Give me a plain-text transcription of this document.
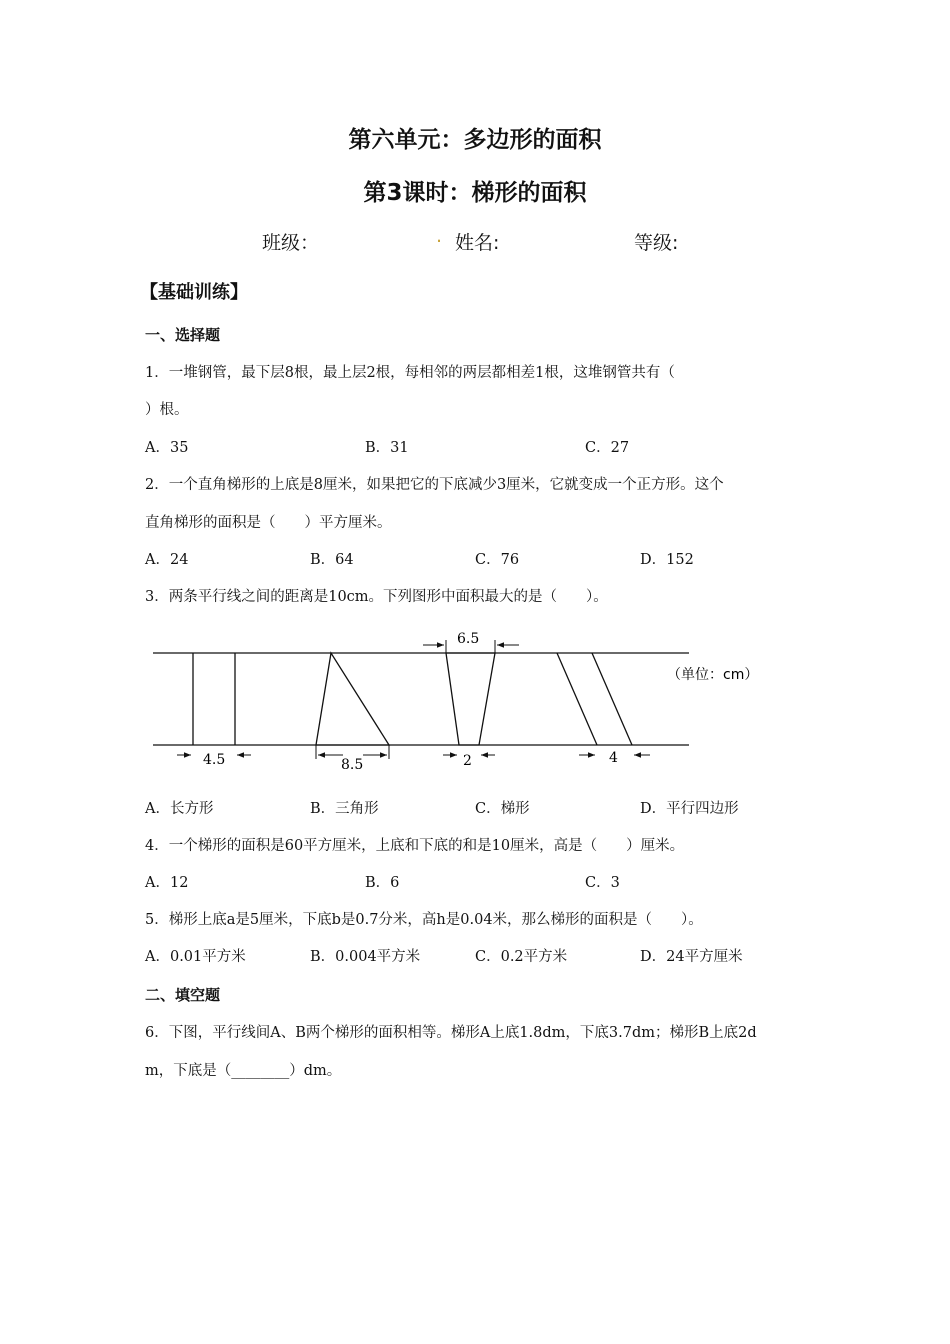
第六单元：多边形的面积
第3课时：梯形的面积
班级：	. 姓名:	等级:
【基础训练】
一、选择题
1．一堆钢管，最下层8根，最上层2根，每相邻的两层都相差1根，这堆钢管共有（
）根。
A．35	B．31	C．27
2．一个直角梯形的上底是8厘米，如果把它的下底减少3厘米，它就变成一个正方形。这个
直角梯形的面积是（　　）平方厘米。
A．24	B．64	C．76	D．152
3．两条平行线之间的距离是10cm。下列图形中面积最大的是（　　）。
4.5	8.5
6.5
2	4
（单位：cm）
A．长方形	B．三角形	C．梯形	D．平行四边形
4．一个梯形的面积是60平方厘米，上底和下底的和是10厘米，高是（　　）厘米。
A．12	B．6	C．3
5．梯形上底a是5厘米，下底b是0.7分米，高h是0.04米，那么梯形的面积是（　　）。
A．0.01平方米	B．0.004平方米	C．0.2平方米	D．24平方厘米
二、填空题
6．下图，平行线间A、B两个梯形的面积相等。梯形A上底1.8dm，下底3.7dm；梯形B上底2d
m，下底是（________）dm。
